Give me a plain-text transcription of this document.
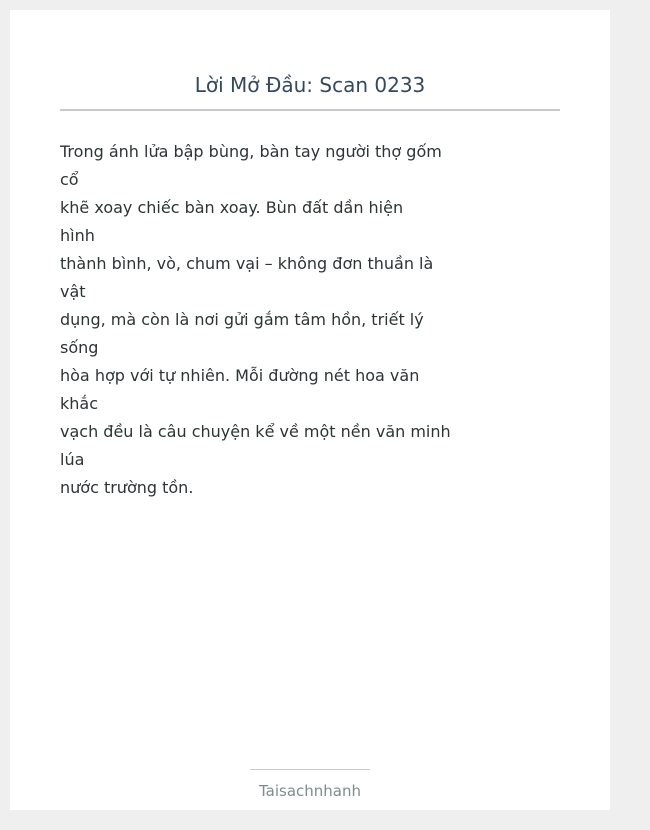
Lời Mở Đầu: Scan 0233

Trong ánh lửa bập bùng, bàn tay người thợ gốm
cổ
khẽ xoay chiếc bàn xoay. Bùn đất dần hiện
hình
thành bình, vò, chum vại – không đơn thuần là
vật
dụng, mà còn là nơi gửi gắm tâm hồn, triết lý
sống
hòa hợp với tự nhiên. Mỗi đường nét hoa văn
khắc
vạch đều là câu chuyện kể về một nền văn minh
lúa
nước trường tồn.

Taisachnhanh
